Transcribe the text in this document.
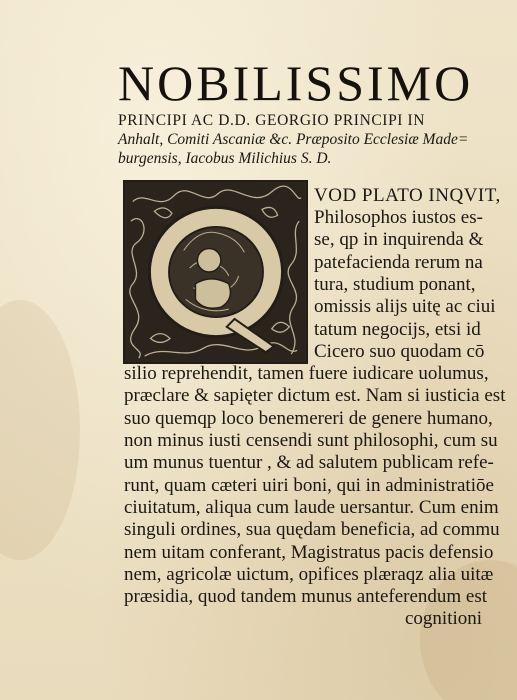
NOBILISSIMO
PRINCIPI AC D.D. GEORGIO PRINCIPI IN
Anhalt, Comiti Ascaniæ &c. Præposito Ecclesiæ Made=
burgensis, Iacobus Milichius S. D.
VOD PLATO INQVIT,
Philosophos iustos es-
se, qp in inquirenda &
patefacienda rerum na
tura, studium ponant,
omissis alijs uitę ac ciui
tatum negocijs, etsi id
Cicero suo quodam cō
silio reprehendit, tamen fuere iudicare uolumus,
præclare & sapięter dictum est. Nam si iusticia est
suo quemqp loco benemereri de genere humano,
non minus iusti censendi sunt philosophi, cum su
um munus tuentur , & ad salutem publicam refe-
runt, quam cæteri uiri boni, qui in administratiōe
ciuitatum, aliqua cum laude uersantur. Cum enim
singuli ordines, sua quędam beneficia, ad commu
nem uitam conferant, Magistratus pacis defensio
nem, agricolæ uictum, opifices plæraqz alia uitæ
præsidia, quod tandem munus anteferendum est
cognitioni
